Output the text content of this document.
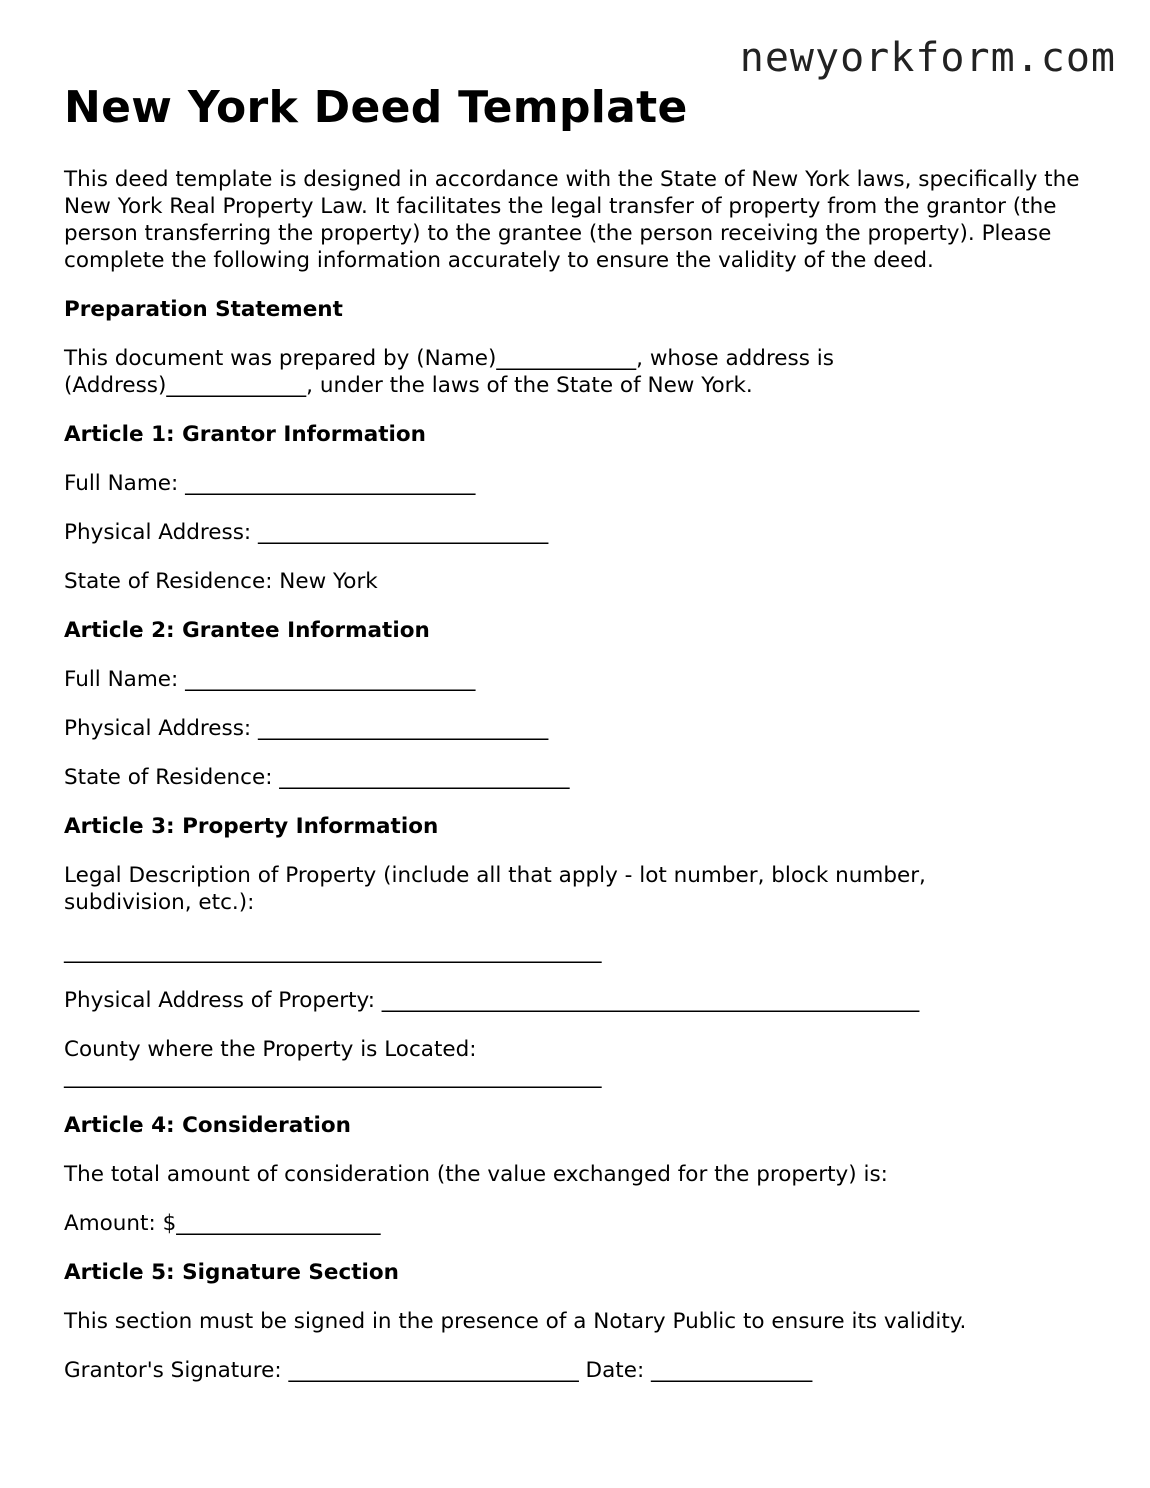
newyorkform.com
New York Deed Template

This deed template is designed in accordance with the State of New York laws, specifically the New York Real Property Law. It facilitates the legal transfer of property from the grantor (the person transferring the property) to the grantee (the person receiving the property). Please complete the following information accurately to ensure the validity of the deed.

Preparation Statement

This document was prepared by (Name)_____________, whose address is

(Address)_____________, under the laws of the State of New York.

Article 1: Grantor Information

Full Name: ___________________________

Physical Address: ___________________________

State of Residence: New York

Article 2: Grantee Information

Full Name: ___________________________

Physical Address: ___________________________

State of Residence: ___________________________

Article 3: Property Information

Legal Description of Property (include all that apply - lot number, block number,

subdivision, etc.):

__________________________________________________

Physical Address of Property: __________________________________________________

County where the Property is Located:

__________________________________________________

Article 4: Consideration

The total amount of consideration (the value exchanged for the property) is:

Amount: $___________________

Article 5: Signature Section

This section must be signed in the presence of a Notary Public to ensure its validity.

Grantor's Signature: ___________________________ Date: _______________
